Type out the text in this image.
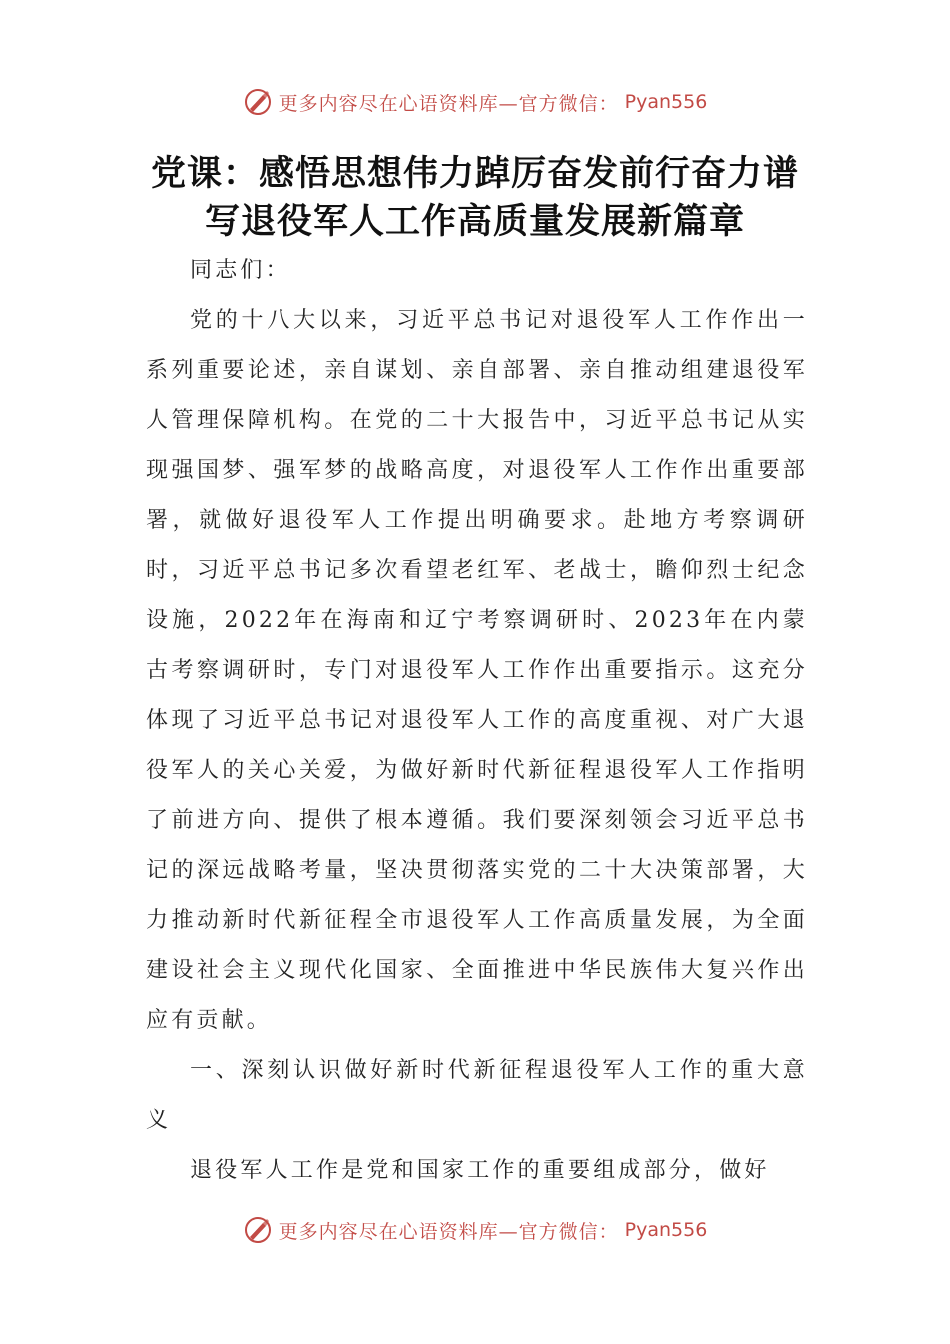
更多内容尽在心语资料库—官方微信： Pyan556
党课：感悟思想伟力踔厉奋发前行奋力谱
写退役军人工作高质量发展新篇章

同志们：

党的十八大以来，习近平总书记对退役军人工作作出一系列重要论述，亲自谋划、亲自部署、亲自推动组建退役军人管理保障机构。在党的二十大报告中，习近平总书记从实现强国梦、强军梦的战略高度，对退役军人工作作出重要部署，就做好退役军人工作提出明确要求。赴地方考察调研时，习近平总书记多次看望老红军、老战士，瞻仰烈士纪念设施，2022年在海南和辽宁考察调研时、2023年在内蒙古考察调研时，专门对退役军人工作作出重要指示。这充分体现了习近平总书记对退役军人工作的高度重视、对广大退役军人的关心关爱，为做好新时代新征程退役军人工作指明了前进方向、提供了根本遵循。我们要深刻领会习近平总书记的深远战略考量，坚决贯彻落实党的二十大决策部署，大力推动新时代新征程全市退役军人工作高质量发展，为全面建设社会主义现代化国家、全面推进中华民族伟大复兴作出应有贡献。

一、深刻认识做好新时代新征程退役军人工作的重大意义

退役军人工作是党和国家工作的重要组成部分，做好

更多内容尽在心语资料库—官方微信： Pyan556
